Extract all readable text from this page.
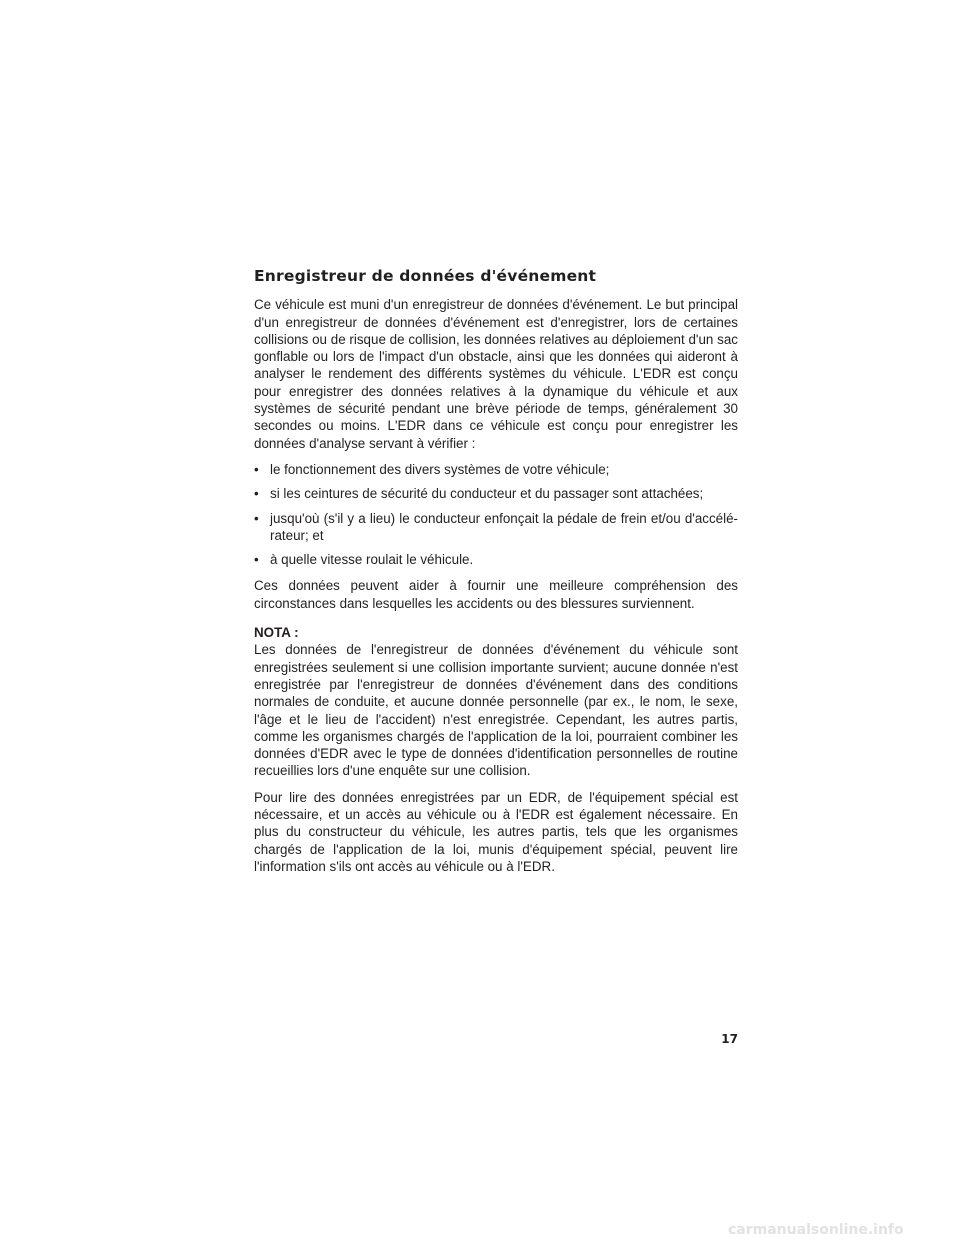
Enregistreur de données d'événement

Ce véhicule est muni d'un enregistreur de données d'événement. Le but principal d'un enregistreur de données d'événement est d'enregistrer, lors de certaines collisions ou de risque de collision, les données relatives au déploiement d'un sac gonflable ou lors de l'impact d'un obstacle, ainsi que les données qui aideront à analyser le rendement des différents systèmes du véhicule. L'EDR est conçu pour enregistrer des données relatives à la dynamique du véhicule et aux systèmes de sécurité pendant une brève période de temps, généralement 30 secondes ou moins. L'EDR dans ce véhicule est conçu pour enregistrer les données d'analyse servant à vérifier :

• le fonctionnement des divers systèmes de votre véhicule;
• si les ceintures de sécurité du conducteur et du passager sont attachées;
• jusqu'où (s'il y a lieu) le conducteur enfonçait la pédale de frein et/ou d'accélé-rateur; et
• à quelle vitesse roulait le véhicule.

Ces données peuvent aider à fournir une meilleure compréhension des circonstances dans lesquelles les accidents ou des blessures surviennent.

NOTA :

Les données de l'enregistreur de données d'événement du véhicule sont enregistrées seulement si une collision importante survient; aucune donnée n'est enregistrée par l'enregistreur de données d'événement dans des conditions normales de conduite, et aucune donnée personnelle (par ex., le nom, le sexe, l'âge et le lieu de l'accident) n'est enregistrée. Cependant, les autres partis, comme les organismes chargés de l'application de la loi, pourraient combiner les données d'EDR avec le type de données d'identification personnelles de routine recueillies lors d'une enquête sur une collision.

Pour lire des données enregistrées par un EDR, de l'équipement spécial est nécessaire, et un accès au véhicule ou à l'EDR est également nécessaire. En plus du constructeur du véhicule, les autres partis, tels que les organismes chargés de l'application de la loi, munis d'équipement spécial, peuvent lire l'information s'ils ont accès au véhicule ou à l'EDR.

17
carmanualsonline.info
